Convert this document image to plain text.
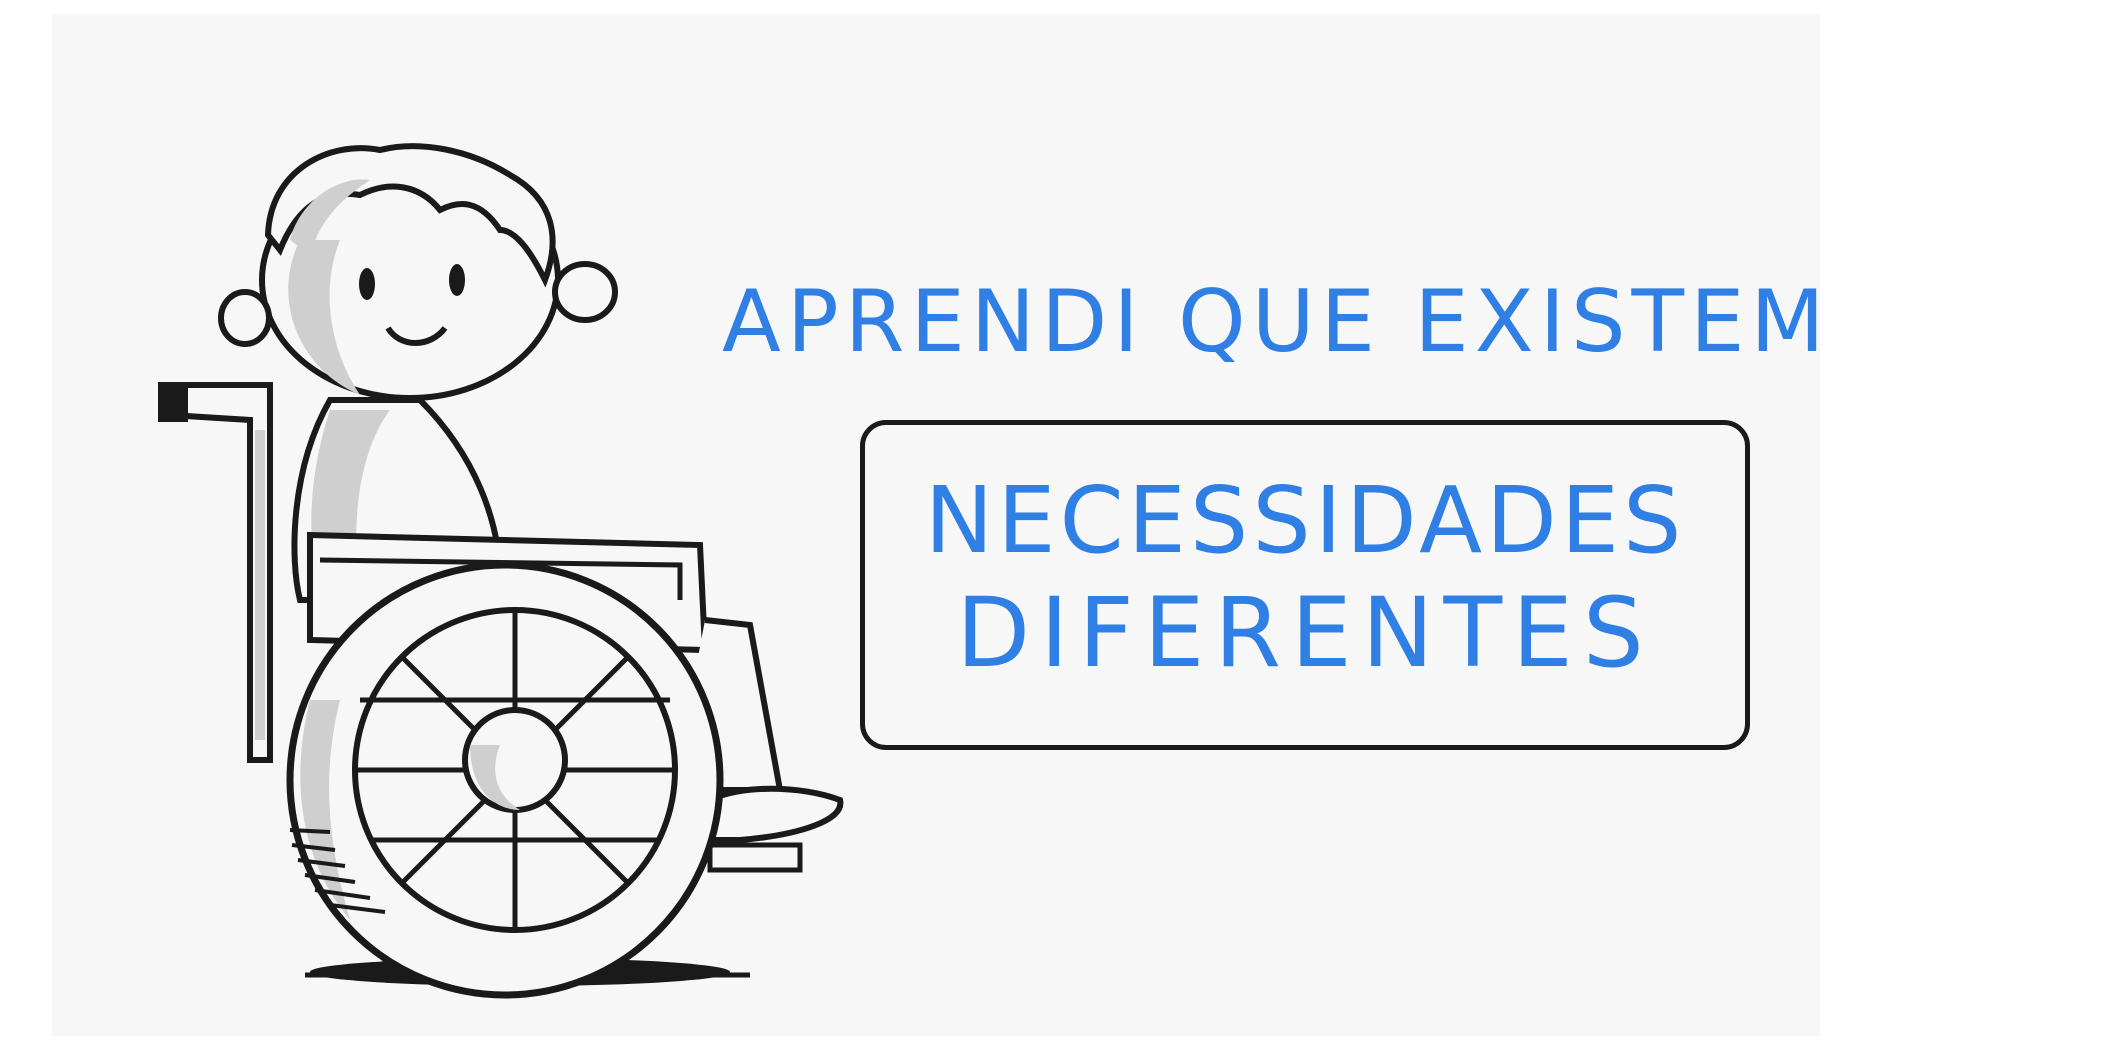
APRENDI QUE EXISTEM
NECESSIDADES
DIFERENTES
